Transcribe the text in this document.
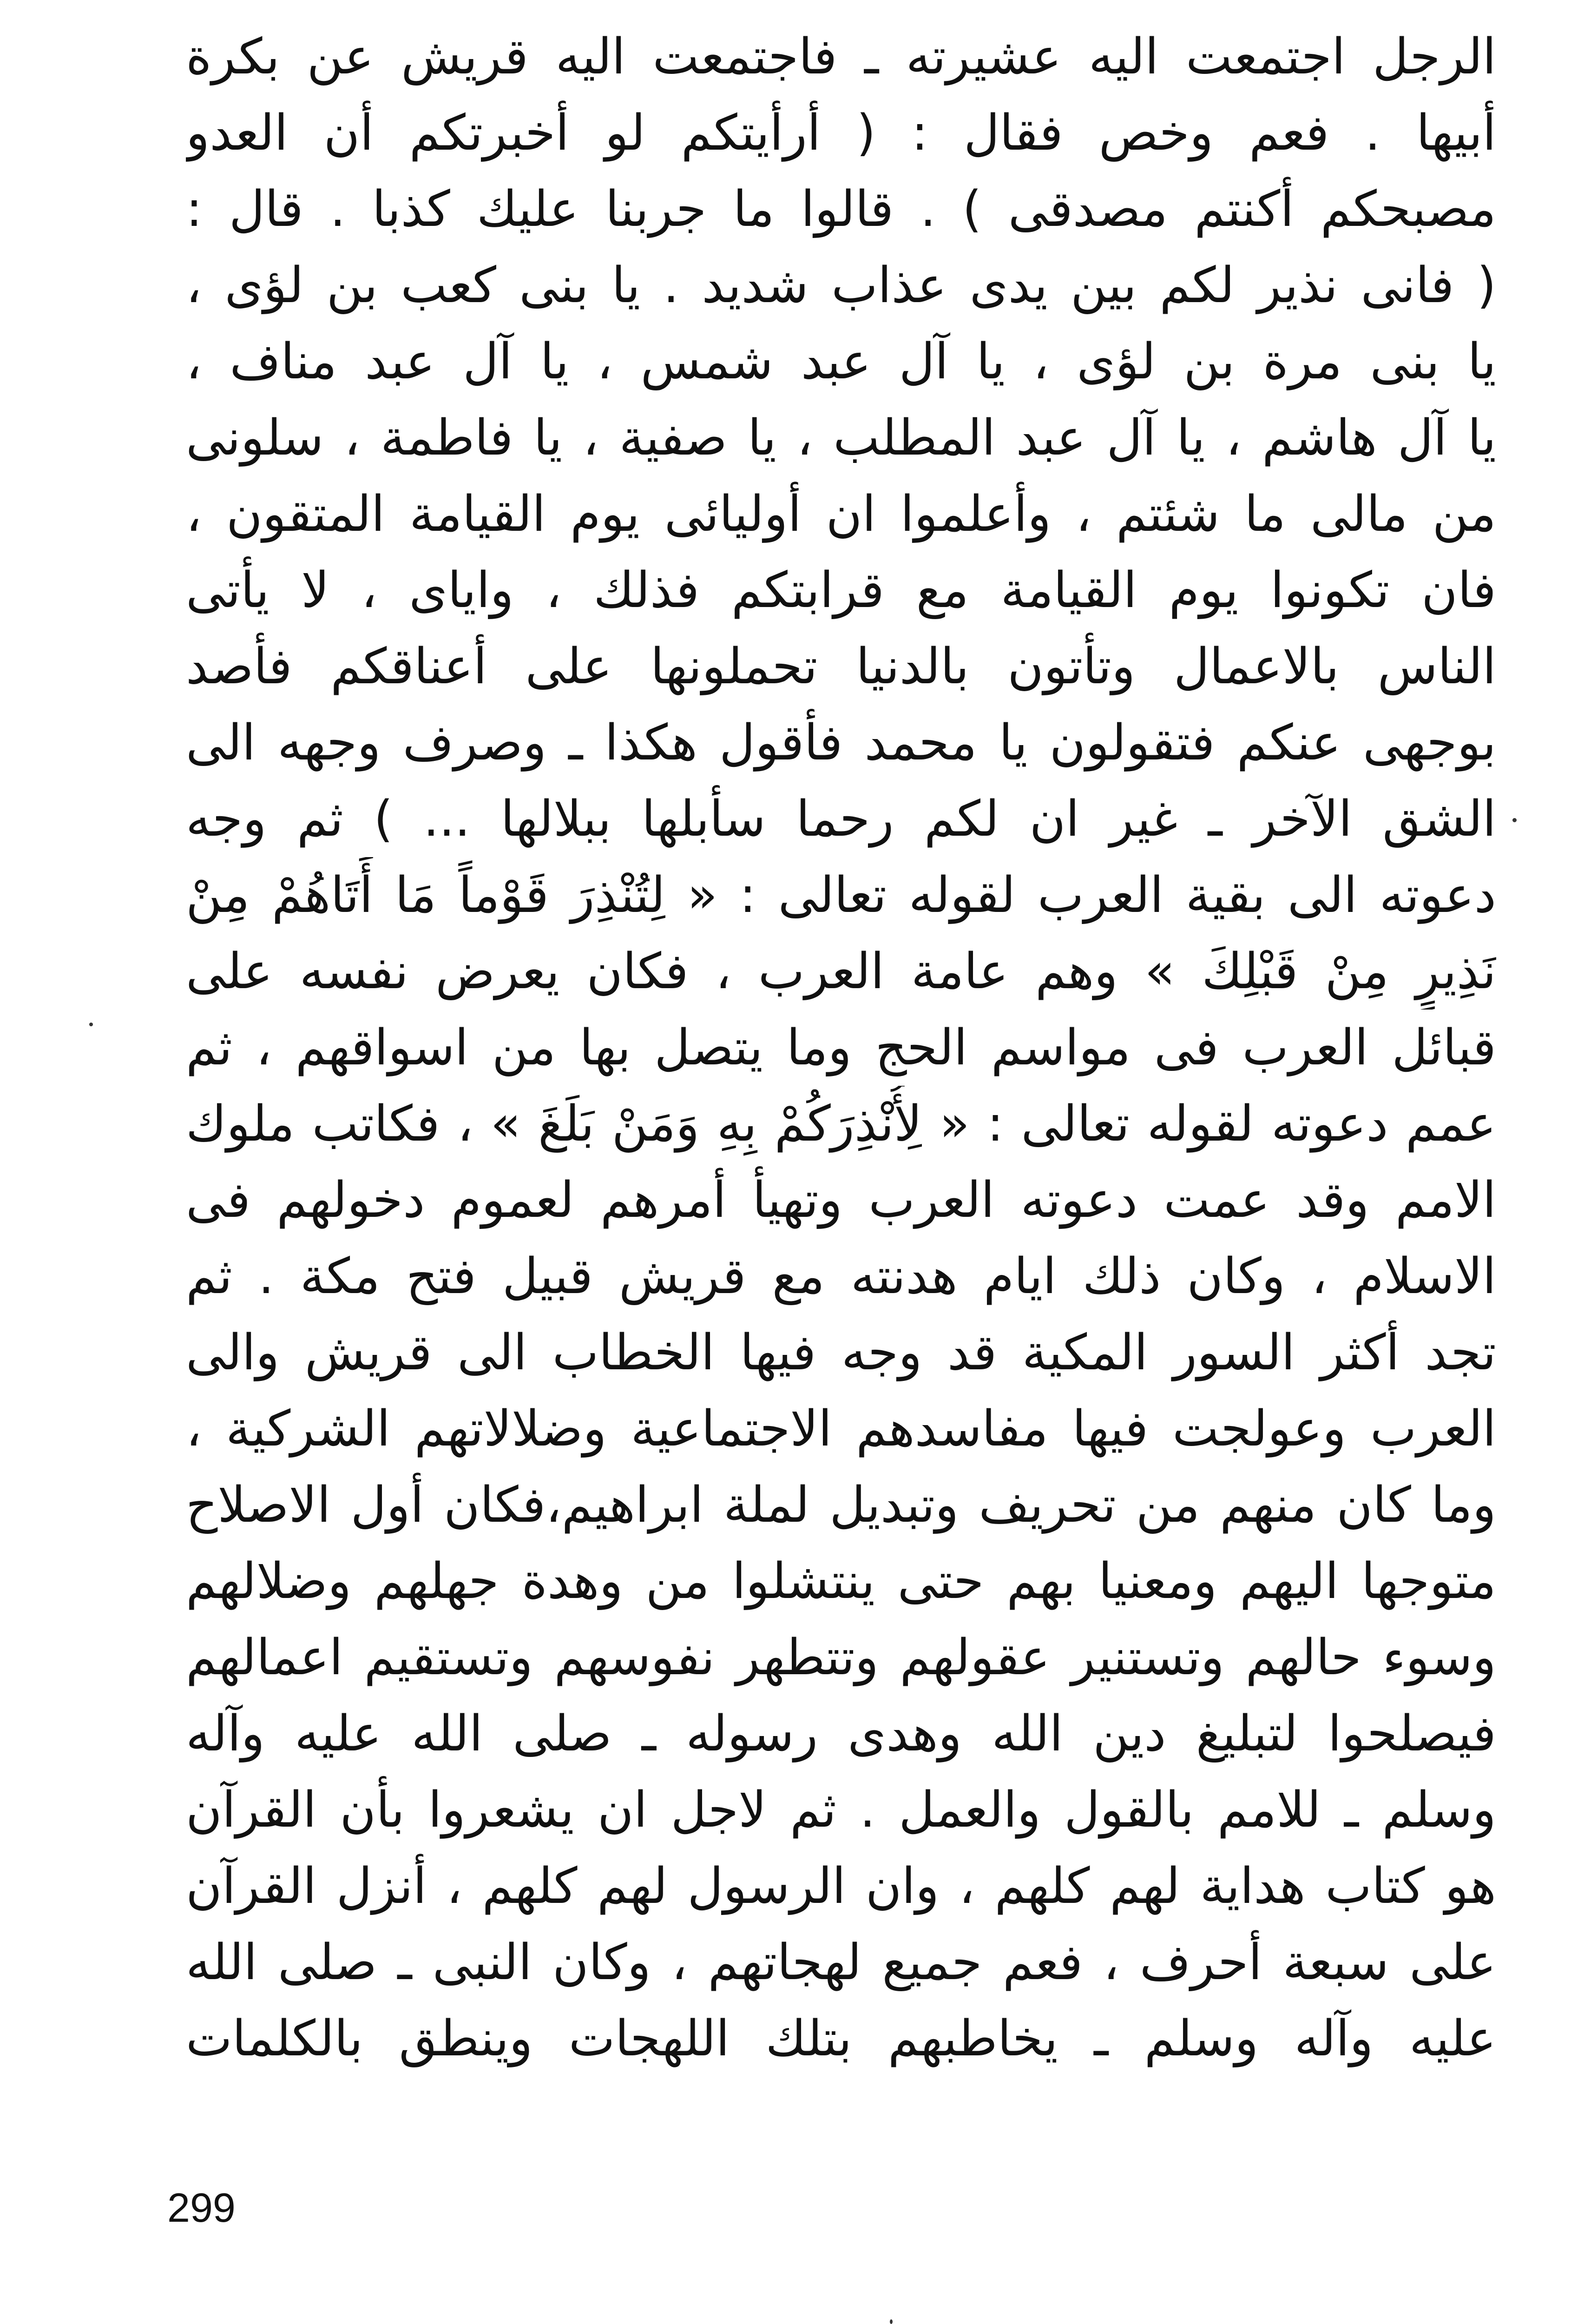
الرجل اجتمعت اليه عشيرته ـ فاجتمعت اليه قريش عن بكرة
أبيها . فعم وخص فقال : ( أرأيتكم لو أخبرتكم أن العدو
مصبحكم أكنتم مصدقى ) . قالوا ما جربنا عليك كذبا . قال :
( فانى نذير لكم بين يدى عذاب شديد . يا بنى كعب بن لؤى ،
يا بنى مرة بن لؤى ، يا آل عبد شمس ، يا آل عبد مناف ،
يا آل هاشم ، يا آل عبد المطلب ، يا صفية ، يا فاطمة ، سلونى
من مالى ما شئتم ، وأعلموا ان أوليائى يوم القيامة المتقون ،
فان تكونوا يوم القيامة مع قرابتكم فذلك ، واياى ، لا يأتى
الناس بالاعمال وتأتون بالدنيا تحملونها على أعناقكم فأصد
بوجهى عنكم فتقولون يا محمد فأقول هكذا ـ وصرف وجهه الى
الشق الآخر ـ غير ان لكم رحما سأبلها ببلالها ... ) ثم وجه
دعوته الى بقية العرب لقوله تعالى : « لِتُنْذِرَ قَوْماً مَا أَتَاهُمْ مِنْ
نَذِيرٍ مِنْ قَبْلِكَ » وهم عامة العرب ، فكان يعرض نفسه على
قبائل العرب فى مواسم الحج وما يتصل بها من اسواقهم ، ثم
عمم دعوته لقوله تعالى : « لِأُنْذِرَكُمْ بِهِ وَمَنْ بَلَغَ » ، فكاتب ملوك
الامم وقد عمت دعوته العرب وتهيأ أمرهم لعموم دخولهم فى
الاسلام ، وكان ذلك ايام هدنته مع قريش قبيل فتح مكة . ثم
تجد أكثر السور المكية قد وجه فيها الخطاب الى قريش والى
العرب وعولجت فيها مفاسدهم الاجتماعية وضلالاتهم الشركية ،
وما كان منهم من تحريف وتبديل لملة ابراهيم،فكان أول الاصلاح
متوجها اليهم ومعنيا بهم حتى ينتشلوا من وهدة جهلهم وضلالهم
وسوء حالهم وتستنير عقولهم وتتطهر نفوسهم وتستقيم اعمالهم
فيصلحوا لتبليغ دين الله وهدى رسوله ـ صلى الله عليه وآله
وسلم ـ للامم بالقول والعمل . ثم لاجل ان يشعروا بأن القرآن
هو كتاب هداية لهم كلهم ، وان الرسول لهم كلهم ، أنزل القرآن
على سبعة أحرف ، فعم جميع لهجاتهم ، وكان النبى ـ صلى الله
عليه وآله وسلم ـ يخاطبهم بتلك اللهجات وينطق بالكلمات
299
